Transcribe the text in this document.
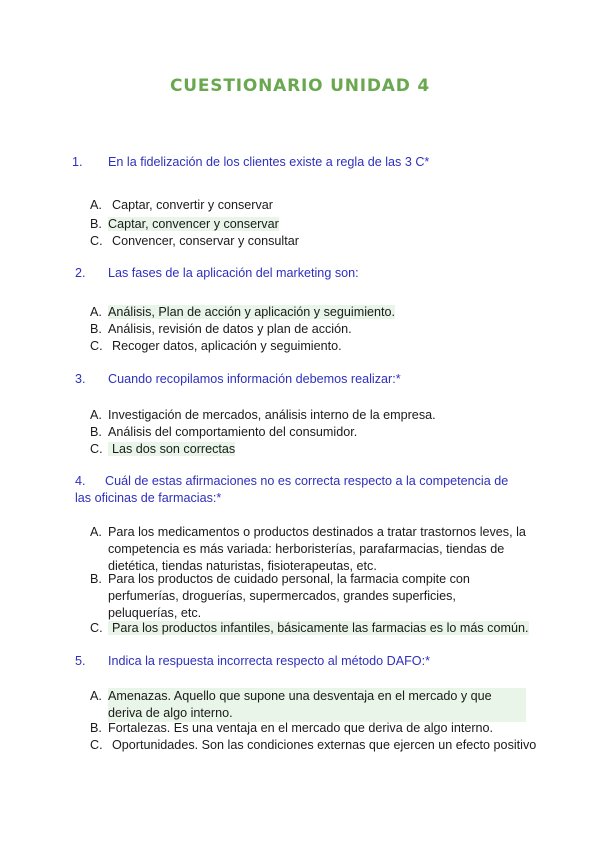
CUESTIONARIO UNIDAD 4
1. En la fidelización de los clientes existe a regla de las 3 C*
A. Captar, convertir y conservar
B. Captar, convencer y conservar
C. Convencer, conservar y consultar
2. Las fases de la aplicación del marketing son:
A. Análisis, Plan de acción y aplicación y seguimiento.
B. Análisis, revisión de datos y plan de acción.
C. Recoger datos, aplicación y seguimiento.
3. Cuando recopilamos información debemos realizar:*
A. Investigación de mercados, análisis interno de la empresa.
B. Análisis del comportamiento del consumidor.
C. Las dos son correctas
4. Cuál de estas afirmaciones no es correcta respecto a la competencia de las oficinas de farmacias:*
A. Para los medicamentos o productos destinados a tratar trastornos leves, la competencia es más variada: herboristerías, parafarmacias, tiendas de dietética, tiendas naturistas, fisioterapeutas, etc.
B. Para los productos de cuidado personal, la farmacia compite con perfumerías, droguerías, supermercados, grandes superficies, peluquerías, etc.
C. Para los productos infantiles, básicamente las farmacias es lo más común.
5. Indica la respuesta incorrecta respecto al método DAFO:*
A. Amenazas. Aquello que supone una desventaja en el mercado y que deriva de algo interno.
B. Fortalezas. Es una ventaja en el mercado que deriva de algo interno.
C. Oportunidades. Son las condiciones externas que ejercen un efecto positivo
